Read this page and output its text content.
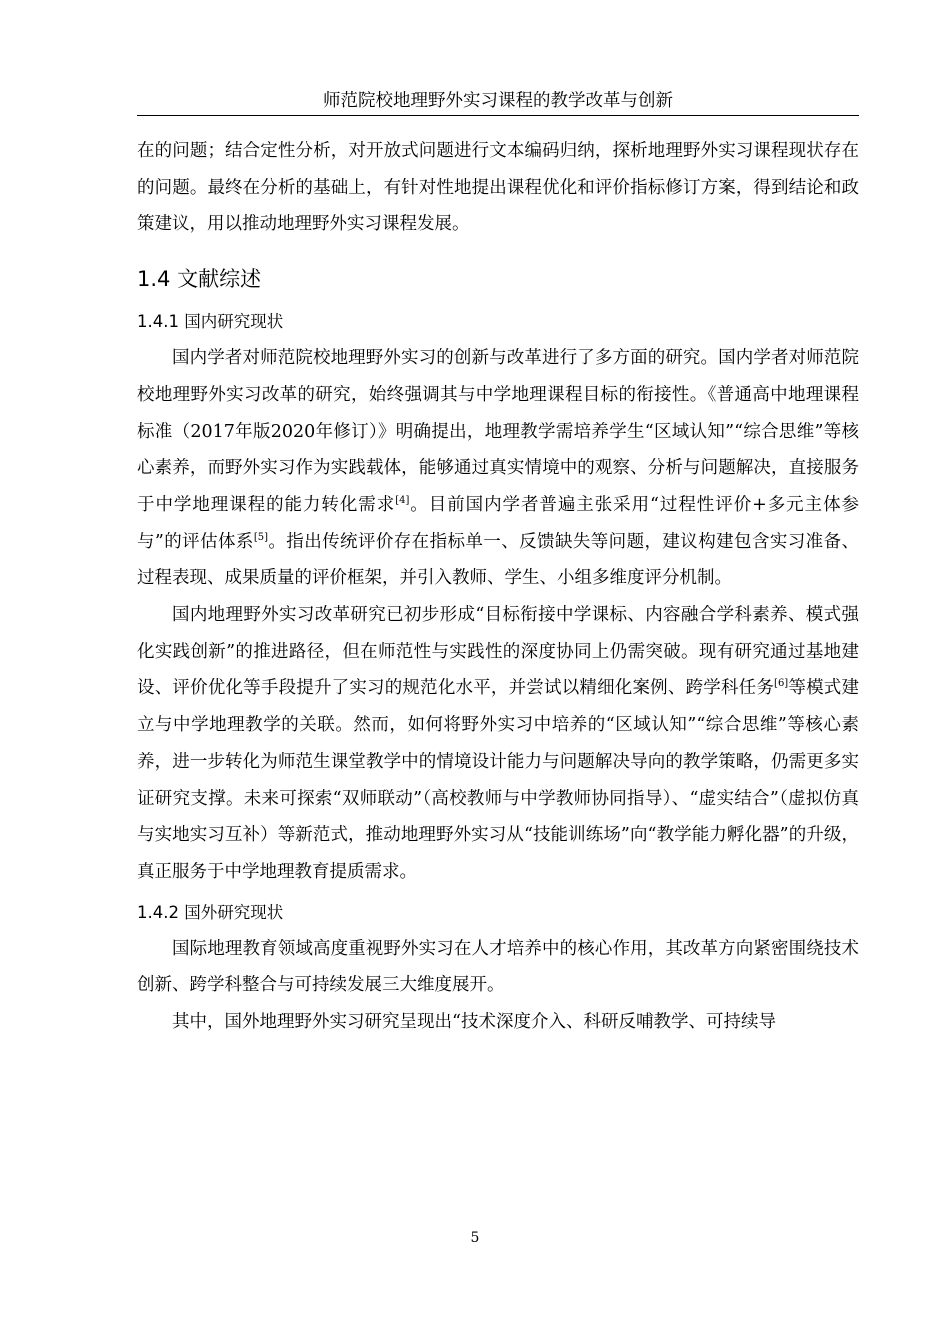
师范院校地理野外实习课程的教学改革与创新

在的问题；结合定性分析，对开放式问题进行文本编码归纳，探析地理野外实习课程现状存在的问题。最终在分析的基础上，有针对性地提出课程优化和评价指标修订方案，得到结论和政策建议，用以推动地理野外实习课程发展。

1.4 文献综述
1.4.1 国内研究现状

国内学者对师范院校地理野外实习的创新与改革进行了多方面的研究。国内学者对师范院校地理野外实习改革的研究，始终强调其与中学地理课程目标的衔接性。《普通高中地理课程标准（2017年版2020年修订）》明确提出，地理教学需培养学生“区域认知”“综合思维”等核心素养，而野外实习作为实践载体，能够通过真实情境中的观察、分析与问题解决，直接服务于中学地理课程的能力转化需求[4]。目前国内学者普遍主张采用“过程性评价+多元主体参与”的评估体系[5]。指出传统评价存在指标单一、反馈缺失等问题，建议构建包含实习准备、过程表现、成果质量的评价框架，并引入教师、学生、小组多维度评分机制。

国内地理野外实习改革研究已初步形成“目标衔接中学课标、内容融合学科素养、模式强化实践创新”的推进路径，但在师范性与实践性的深度协同上仍需突破。现有研究通过基地建设、评价优化等手段提升了实习的规范化水平，并尝试以精细化案例、跨学科任务[6]等模式建立与中学地理教学的关联。然而，如何将野外实习中培养的“区域认知”“综合思维”等核心素养，进一步转化为师范生课堂教学中的情境设计能力与问题解决导向的教学策略，仍需更多实证研究支撑。未来可探索“双师联动”（高校教师与中学教师协同指导）、“虚实结合”（虚拟仿真与实地实习互补）等新范式，推动地理野外实习从“技能训练场”向“教学能力孵化器”的升级，真正服务于中学地理教育提质需求。

1.4.2 国外研究现状

国际地理教育领域高度重视野外实习在人才培养中的核心作用，其改革方向紧密围绕技术创新、跨学科整合与可持续发展三大维度展开。

其中，国外地理野外实习研究呈现出“技术深度介入、科研反哺教学、可持续导

5
